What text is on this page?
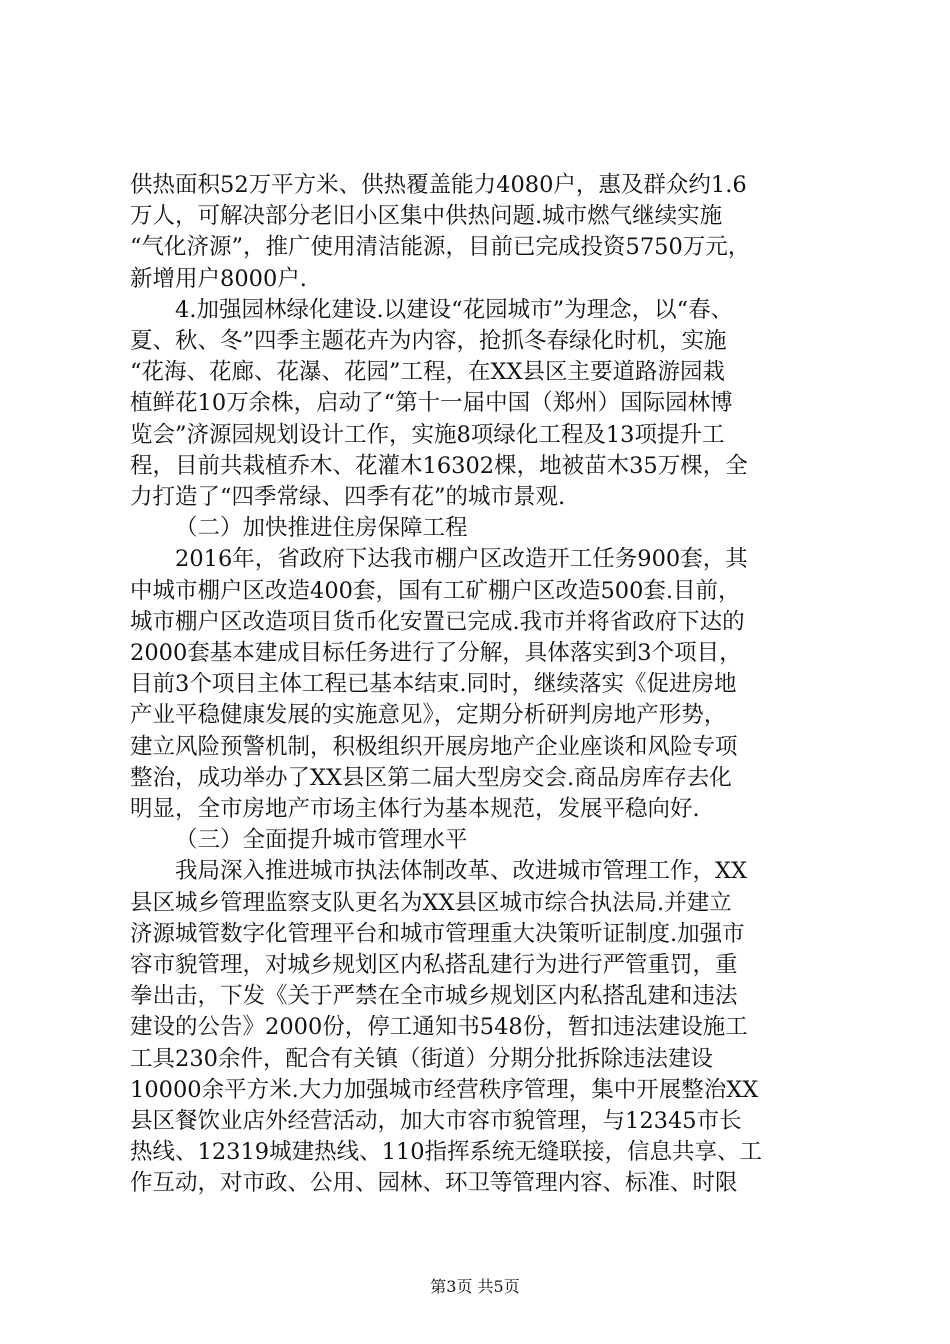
供热面积52万平方米、供热覆盖能力4080户，惠及群众约1.6
万人，可解决部分老旧小区集中供热问题.城市燃气继续实施
“气化济源”，推广使用清洁能源，目前已完成投资5750万元，
新增用户8000户.
4.加强园林绿化建设.以建设“花园城市”为理念，以“春、
夏、秋、冬”四季主题花卉为内容，抢抓冬春绿化时机，实施
“花海、花廊、花瀑、花园”工程，在XX县区主要道路游园栽
植鲜花10万余株，启动了“第十一届中国（郑州）国际园林博
览会”济源园规划设计工作，实施8项绿化工程及13项提升工
程，目前共栽植乔木、花灌木16302棵，地被苗木35万棵，全
力打造了“四季常绿、四季有花”的城市景观.
（二）加快推进住房保障工程
2016年，省政府下达我市棚户区改造开工任务900套，其
中城市棚户区改造400套，国有工矿棚户区改造500套.目前，
城市棚户区改造项目货币化安置已完成.我市并将省政府下达的
2000套基本建成目标任务进行了分解，具体落实到3个项目，
目前3个项目主体工程已基本结束.同时，继续落实《促进房地
产业平稳健康发展的实施意见》，定期分析研判房地产形势，
建立风险预警机制，积极组织开展房地产企业座谈和风险专项
整治，成功举办了XX县区第二届大型房交会.商品房库存去化
明显，全市房地产市场主体行为基本规范，发展平稳向好.
（三）全面提升城市管理水平
我局深入推进城市执法体制改革、改进城市管理工作，XX
县区城乡管理监察支队更名为XX县区城市综合执法局.并建立
济源城管数字化管理平台和城市管理重大决策听证制度.加强市
容市貌管理，对城乡规划区内私搭乱建行为进行严管重罚，重
拳出击，下发《关于严禁在全市城乡规划区内私搭乱建和违法
建设的公告》2000份，停工通知书548份，暂扣违法建设施工
工具230余件，配合有关镇（街道）分期分批拆除违法建设
10000余平方米.大力加强城市经营秩序管理，集中开展整治XX
县区餐饮业店外经营活动，加大市容市貌管理，与12345市长
热线、12319城建热线、110指挥系统无缝联接，信息共享、工
作互动，对市政、公用、园林、环卫等管理内容、标准、时限
第3页 共5页
